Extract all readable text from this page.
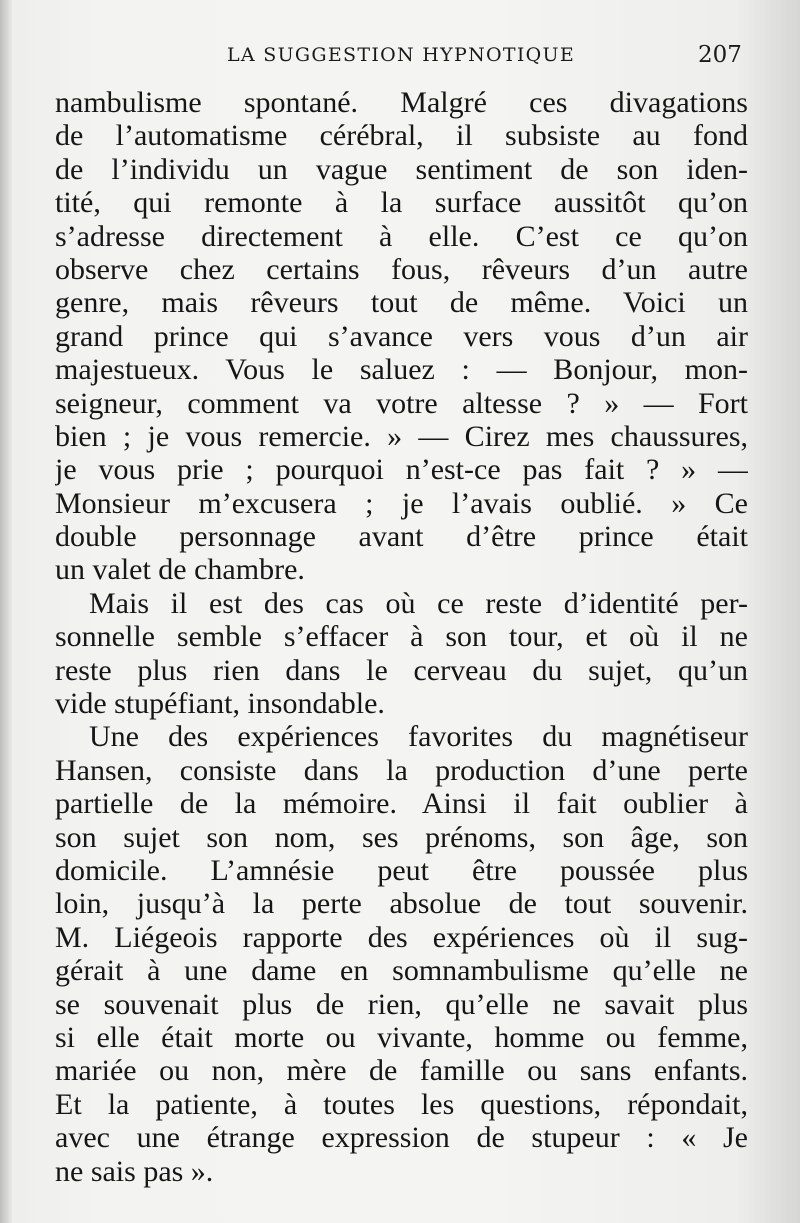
LA SUGGESTION HYPNOTIQUE	207
nambulisme spontané. Malgré ces divagations
de l’automatisme cérébral, il subsiste au fond
de l’individu un vague sentiment de son iden-
tité, qui remonte à la surface aussitôt qu’on
s’adresse directement à elle. C’est ce qu’on
observe chez certains fous, rêveurs d’un autre
genre, mais rêveurs tout de même. Voici un
grand prince qui s’avance vers vous d’un air
majestueux. Vous le saluez : — Bonjour, mon-
seigneur, comment va votre altesse ? » — Fort
bien ; je vous remercie. » — Cirez mes chaussures,
je vous prie ; pourquoi n’est-ce pas fait ? » —
Monsieur m’excusera ; je l’avais oublié. » Ce
double personnage avant d’être prince était
un valet de chambre.
Mais il est des cas où ce reste d’identité per-
sonnelle semble s’effacer à son tour, et où il ne
reste plus rien dans le cerveau du sujet, qu’un
vide stupéfiant, insondable.
Une des expériences favorites du magnétiseur
Hansen, consiste dans la production d’une perte
partielle de la mémoire. Ainsi il fait oublier à
son sujet son nom, ses prénoms, son âge, son
domicile. L’amnésie peut être poussée plus
loin, jusqu’à la perte absolue de tout souvenir.
M. Liégeois rapporte des expériences où il sug-
gérait à une dame en somnambulisme qu’elle ne
se souvenait plus de rien, qu’elle ne savait plus
si elle était morte ou vivante, homme ou femme,
mariée ou non, mère de famille ou sans enfants.
Et la patiente, à toutes les questions, répondait,
avec une étrange expression de stupeur : « Je
ne sais pas ».
